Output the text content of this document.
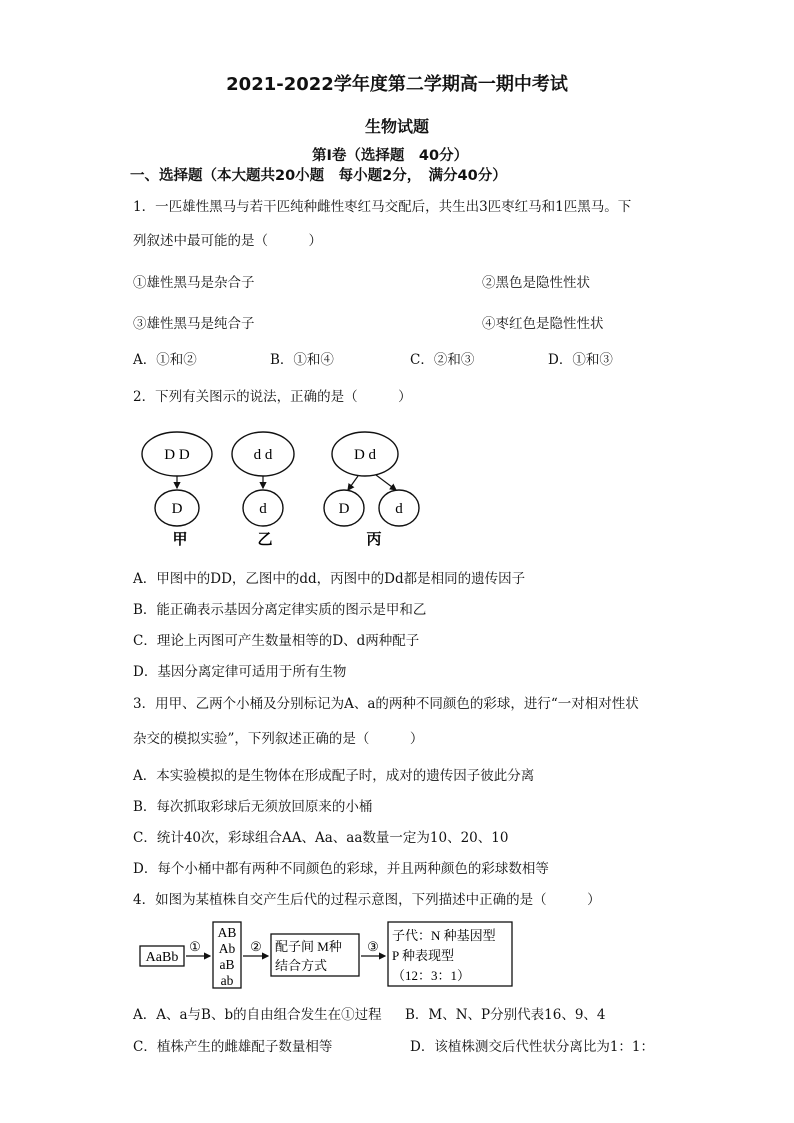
2021-2022学年度第二学期高一期中考试
生物试题
第Ⅰ卷（选择题　40分）
一、选择题（本大题共20小题　每小题2分，　满分40分）
1．一匹雄性黑马与若干匹纯种雌性枣红马交配后，共生出3匹枣红马和1匹黑马。下
列叙述中最可能的是（　　　）
①雄性黑马是杂合子	②黑色是隐性性状
③雄性黑马是纯合子	④枣红色是隐性性状
A．①和②	B．①和④	C．②和③	D．①和③
2．下列有关图示的说法，正确的是（　　　）
D D
D
甲
d d
d
乙
D d
D	d
丙
A．甲图中的DD，乙图中的dd，丙图中的Dd都是相同的遗传因子
B．能正确表示基因分离定律实质的图示是甲和乙
C．理论上丙图可产生数量相等的D、d两种配子
D．基因分离定律可适用于所有生物
3．用甲、乙两个小桶及分别标记为A、a的两种不同颜色的彩球，进行“一对相对性状
杂交的模拟实验”，下列叙述正确的是（　　　）
A．本实验模拟的是生物体在形成配子时，成对的遗传因子彼此分离
B．每次抓取彩球后无须放回原来的小桶
C．统计40次，彩球组合AA、Aa、aa数量一定为10、20、10
D．每个小桶中都有两种不同颜色的彩球，并且两种颜色的彩球数相等
4．如图为某植株自交产生后代的过程示意图，下列描述中正确的是（　　　）
AaBb
①
AB
Ab
aB
ab
② 配子间 M种
结合方式
③
子代：N 种基因型
P 种表现型
（12：3：1）
A．A、a与B、b的自由组合发生在①过程 B．M、N、P分别代表16、9、4
C．植株产生的雌雄配子数量相等	D．该植株测交后代性状分离比为1：1：
